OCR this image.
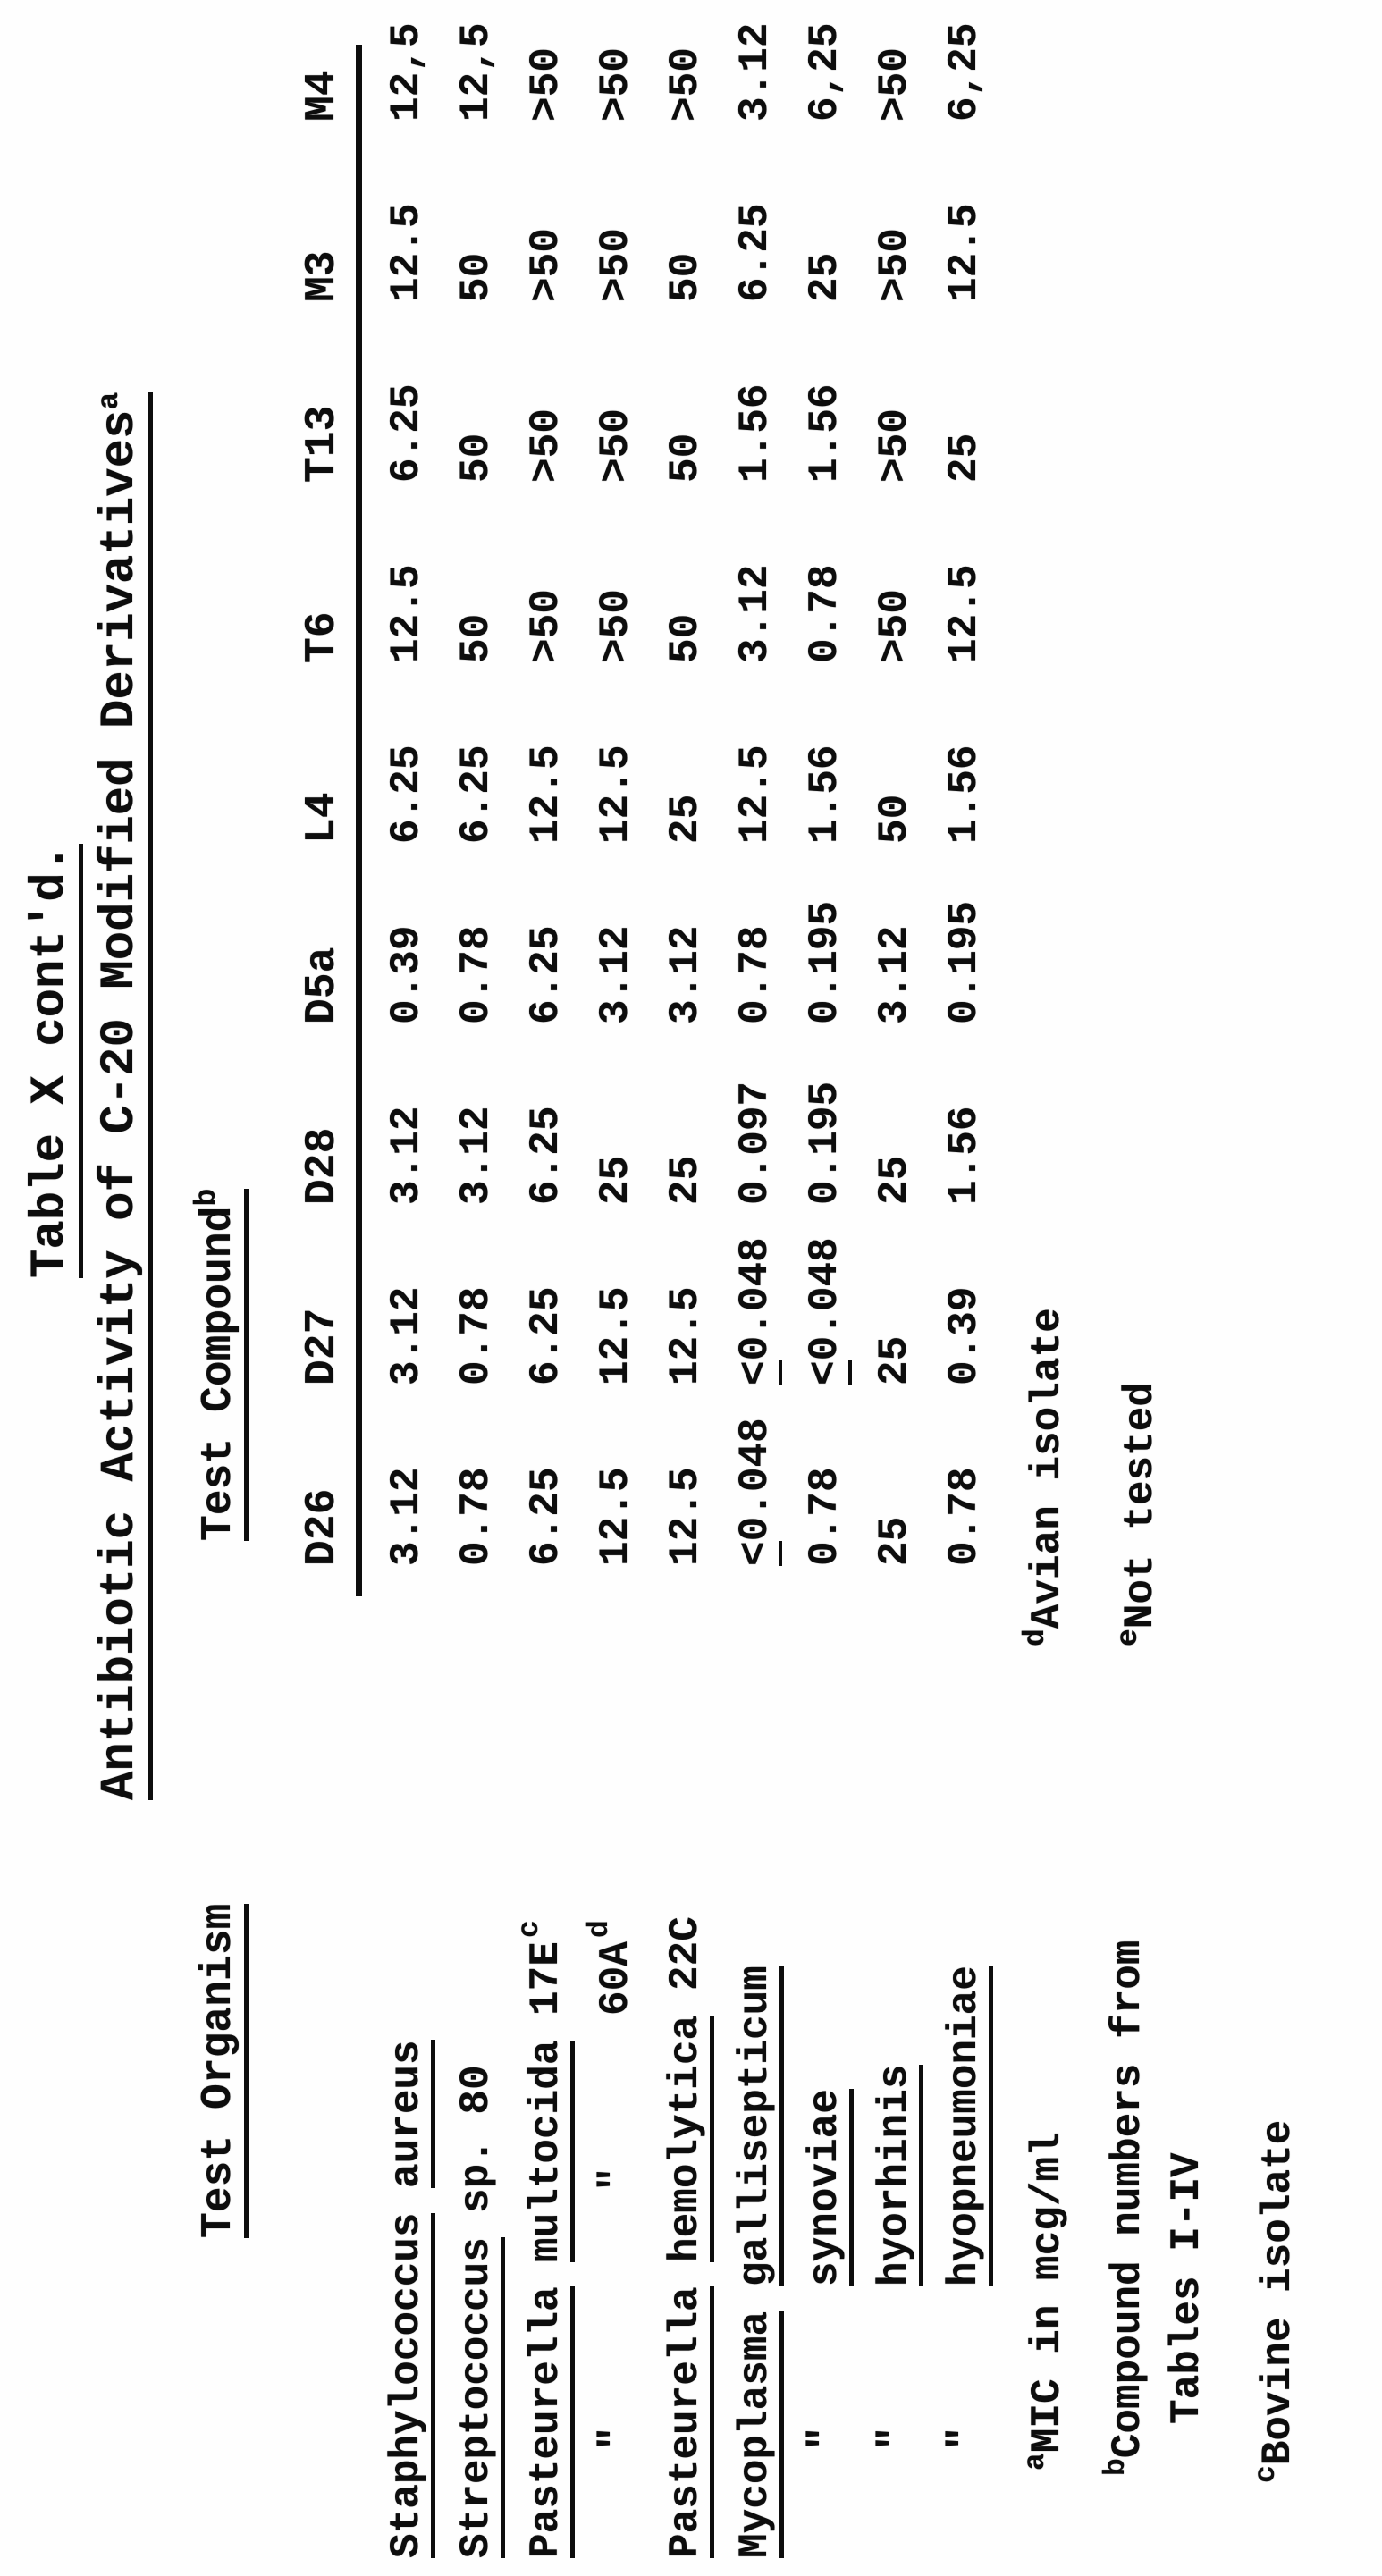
Table X cont'd. Antibiotic Activity of C-20 Modified Derivatives$^a$
Test Compound$^b$
Test Organism
D26
D27
D28
D5a
L4
T6
T13
M3
M4
Staphylococcus
aureus
3.12
3.12
3.12
0.39
6.25
12.5
6.25
12.5
12,5
Streptococcus
sp. 80
0.78
0.78
3.12
0.78
6.25
50
50
50
12,5
Pasteurella
multocida
17E
c
6.25
6.25
6.25
6.25
12.5
>50
>50
>50
>50
"
"
60A
d
12.5
12.5
25
3.12
12.5
>50
>50
>50
>50
Pasteurella
hemolytica
22C
12.5
12.5
25
3.12
25
50
50
50
>50
Mycoplasma
gallisepticum
<0.048
<0.048
0.097
0.78
12.5
3.12
1.56
6.25
3.12
"
synoviae
0.78
<0.048
0.195
0.195
1.56
0.78
1.56
25
6,25
"
hyorhinis
25
25
25
3.12
50
>50
>50
>50
>50
"
hyopneumoniae
0.78
0.39
1.56
0.195
1.56
12.5
25
12.5
6,25
$^a$MIC in mcg/ml
$^b$Compound numbers from Tables I-IV
$^c$Bovine isolate
$^d$Avian isolate
$^e$Not tested
